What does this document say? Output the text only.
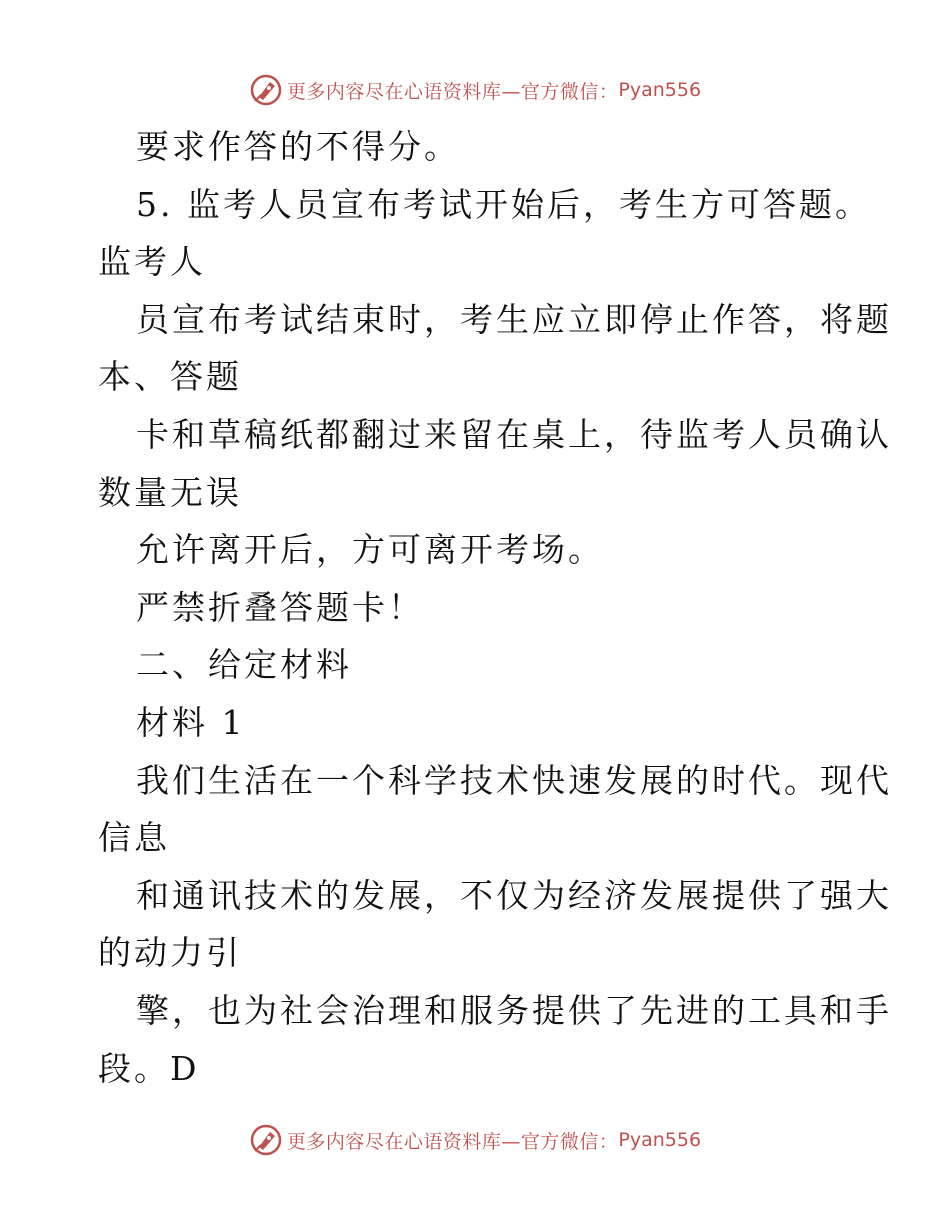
更多内容尽在心语资料库—官方微信： Pyan556
要求作答的不得分。
5. 监考人员宣布考试开始后，考生方可答题。
监考人
员宣布考试结束时，考生应立即停止作答，将题
本、答题
卡和草稿纸都翻过来留在桌上，待监考人员确认
数量无误
允许离开后，方可离开考场。
严禁折叠答题卡！
二、给定材料
材料 1
我们生活在一个科学技术快速发展的时代。现代
信息
和通讯技术的发展，不仅为经济发展提供了强大
的动力引
擎，也为社会治理和服务提供了先进的工具和手
段。D
更多内容尽在心语资料库—官方微信： Pyan556
